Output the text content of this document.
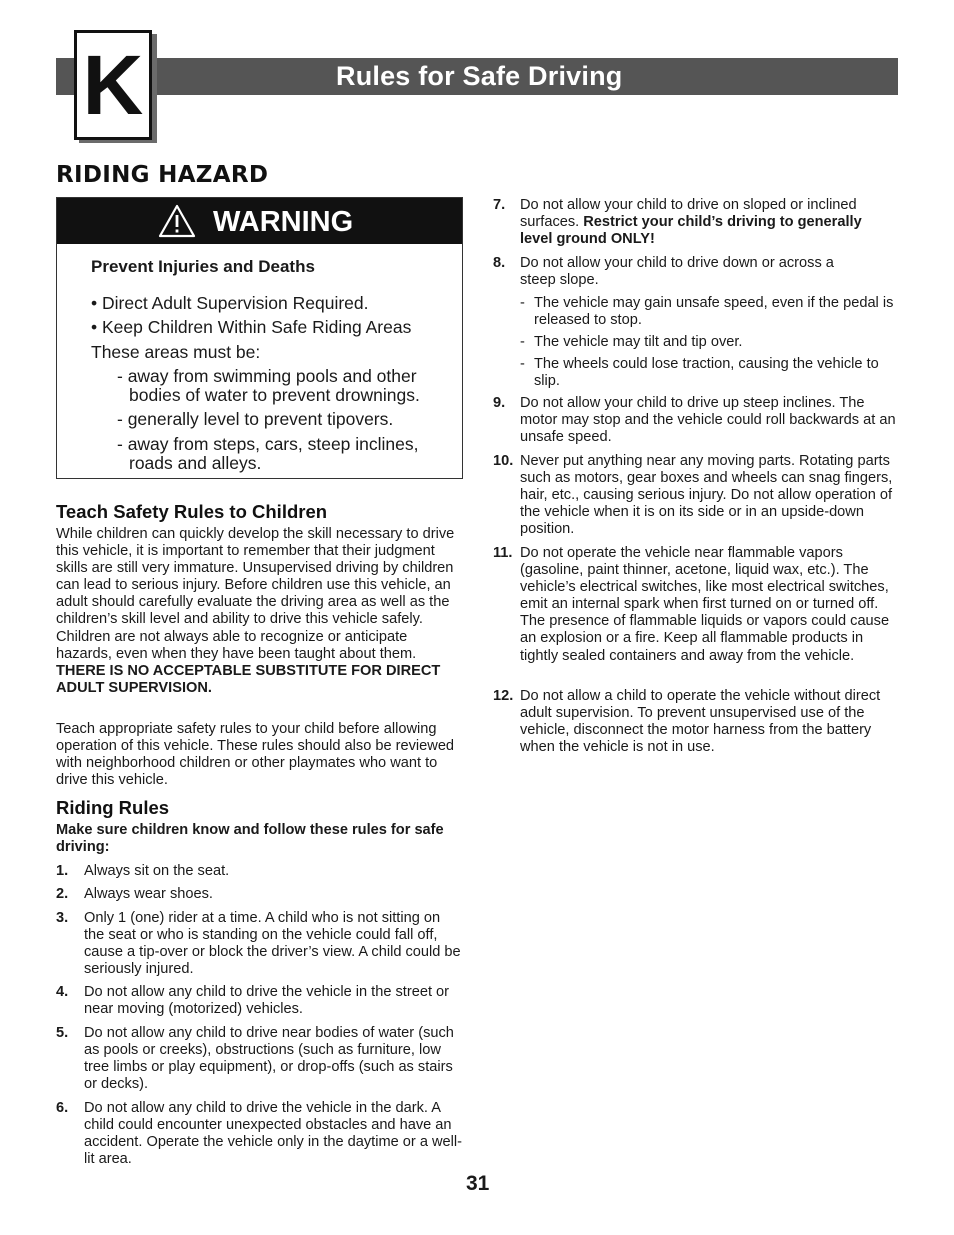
Rules for Safe Driving
K
RIDING HAZARD
WARNING
Prevent Injuries and Deaths
• Direct Adult Supervision Required.
• Keep Children Within Safe Riding Areas
These areas must be:
- away from swimming pools and other
bodies of water to prevent drownings.
- generally level to prevent tipovers.
- away from steps, cars, steep inclines,
roads and alleys.
Teach Safety Rules to Children
While children can quickly develop the skill necessary to drive this vehicle, it is important to remember that their judgment skills are still very immature. Unsupervised driving by children can lead to serious injury. Before children use this vehicle, an adult should carefully evaluate the driving area as well as the children’s skill level and ability to drive this vehicle safely. Children are not always able to recognize or anticipate hazards, even when they have been taught about them. THERE IS NO ACCEPTABLE SUBSTITUTE FOR DIRECT ADULT SUPERVISION.
Teach appropriate safety rules to your child before allowing operation of this vehicle. These rules should also be reviewed with neighborhood children or other playmates who want to drive this vehicle.
Riding Rules
Make sure children know and follow these rules for safe driving:
1. Always sit on the seat.
2. Always wear shoes.
3. Only 1 (one) rider at a time. A child who is not sitting on the seat or who is standing on the vehicle could fall off, cause a tip-over or block the driver’s view. A child could be seriously injured.
4. Do not allow any child to drive the vehicle in the street or near moving (motorized) vehicles.
5. Do not allow any child to drive near bodies of water (such as pools or creeks), obstructions (such as furniture, low tree limbs or play equipment), or drop-offs (such as stairs or decks).
6. Do not allow any child to drive the vehicle in the dark. A child could encounter unexpected obstacles and have an accident. Operate the vehicle only in the daytime or a well-lit area.
7. Do not allow your child to drive on sloped or inclined surfaces. Restrict your child’s driving to generally level ground ONLY!
8. Do not allow your child to drive down or across a steep slope.
- The vehicle may gain unsafe speed, even if the pedal is released to stop.
- The vehicle may tilt and tip over.
- The wheels could lose traction, causing the vehicle to slip.
9. Do not allow your child to drive up steep inclines. The motor may stop and the vehicle could roll backwards at an unsafe speed.
10. Never put anything near any moving parts. Rotating parts such as motors, gear boxes and wheels can snag fingers, hair, etc., causing serious injury. Do not allow operation of the vehicle when it is on its side or in an upside-down position.
11. Do not operate the vehicle near flammable vapors (gasoline, paint thinner, acetone, liquid wax, etc.). The vehicle’s electrical switches, like most electrical switches, emit an internal spark when first turned on or turned off. The presence of flammable liquids or vapors could cause an explosion or a fire. Keep all flammable products in tightly sealed containers and away from the vehicle.
12. Do not allow a child to operate the vehicle without direct adult supervision. To prevent unsupervised use of the vehicle, disconnect the motor harness from the battery when the vehicle is not in use.
31
